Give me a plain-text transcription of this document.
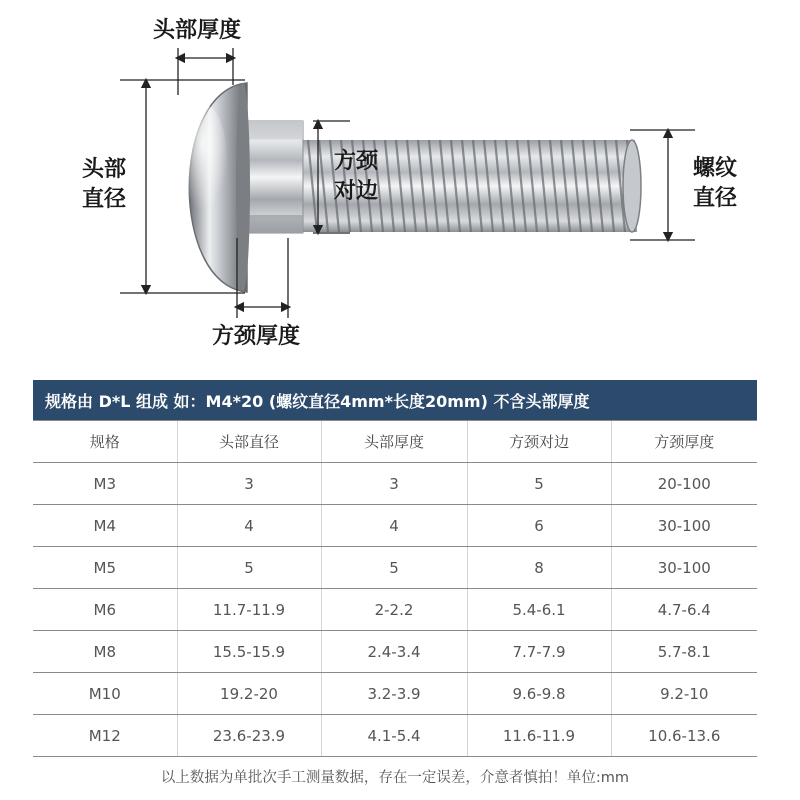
头部厚度
头部
直径
方颈
对边
螺纹
直径
方颈厚度
规格由 D*L 组成 如：M4*20 (螺纹直径4mm*长度20mm) 不含头部厚度				
规格	头部直径	头部厚度	方颈对边	方颈厚度
M3	3	3	5	20-100
M4	4	4	6	30-100
M5	5	5	8	30-100
M6	11.7-11.9	2-2.2	5.4-6.1	4.7-6.4
M8	15.5-15.9	2.4-3.4	7.7-7.9	5.7-8.1
M10	19.2-20	3.2-3.9	9.6-9.8	9.2-10
M12	23.6-23.9	4.1-5.4	11.6-11.9	10.6-13.6
以上数据为单批次手工测量数据，存在一定误差，介意者慎拍！单位:mm
